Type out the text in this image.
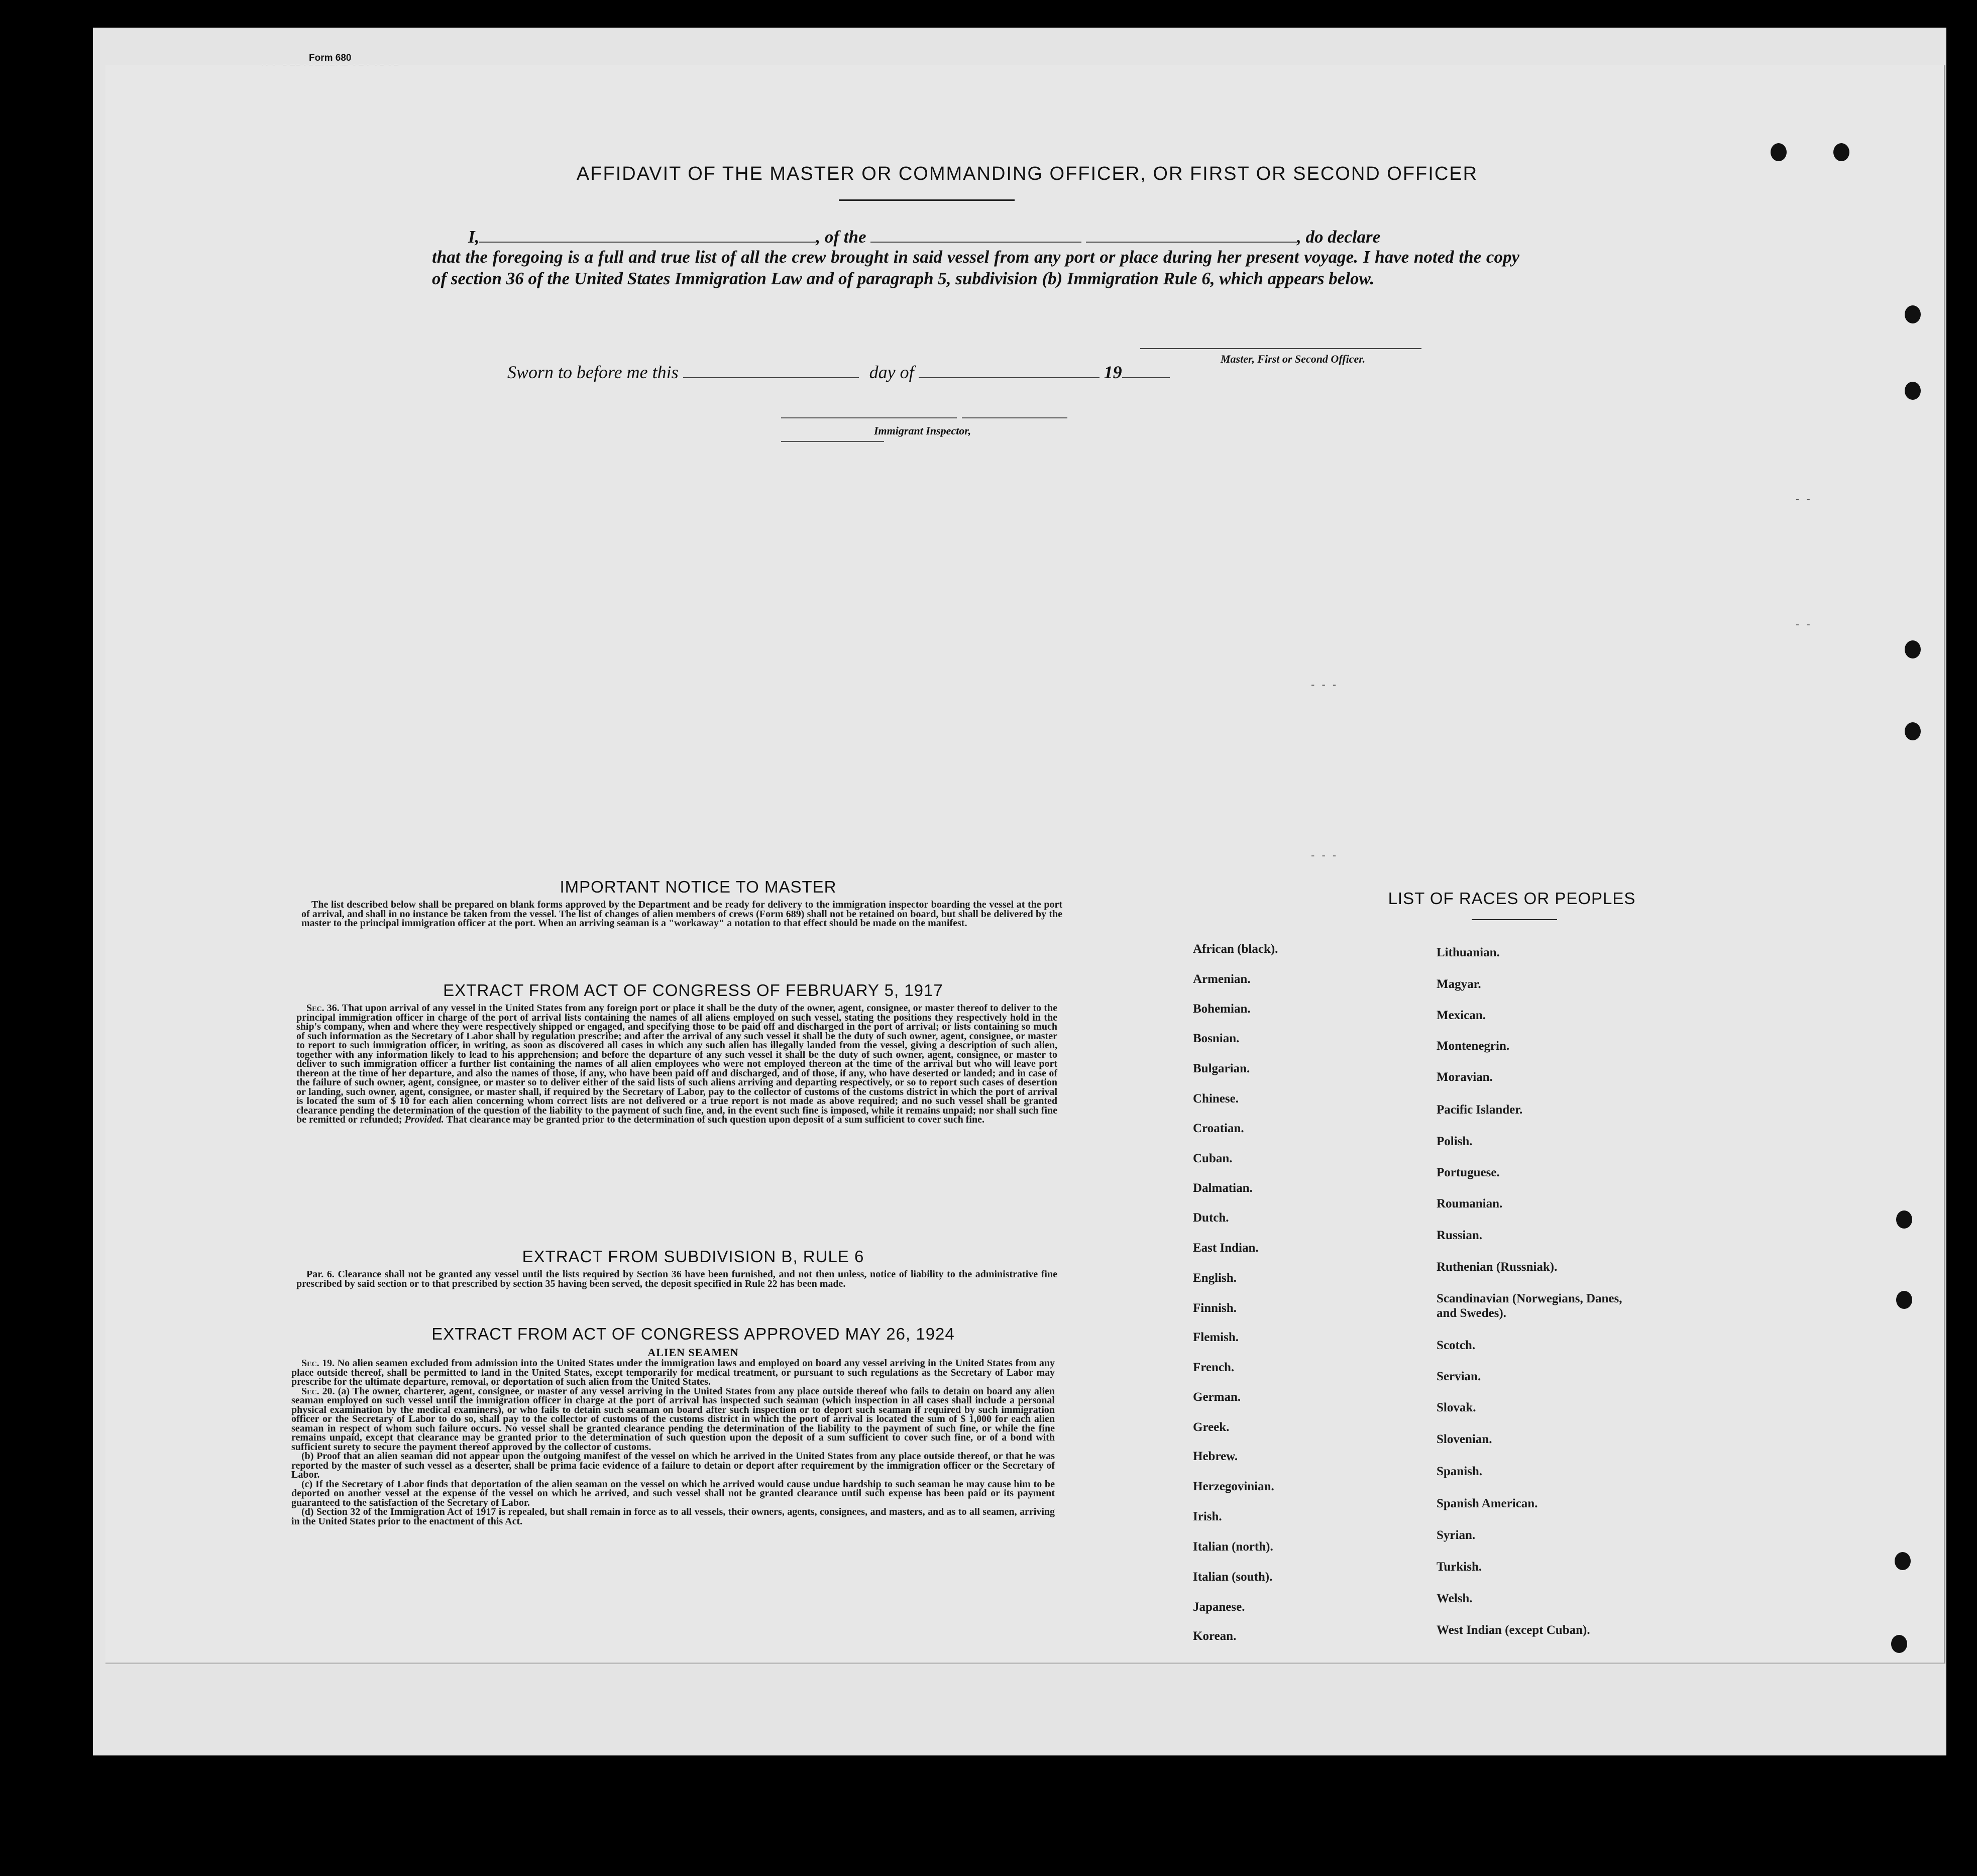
Form 680
AFFIDAVIT OF THE MASTER OR COMMANDING OFFICER, OR FIRST OR SECOND OFFICER
I,	, of the	, do declare
that the foregoing is a full and true list of all the crew brought in said vessel from any port or place during her present voyage. I have noted the copy of section 36 of the United States Immigration Law and of paragraph 5, subdivision (b) Immigration Rule 6, which appears below.
Master, First or Second Officer.
Sworn to before me this	day of	19

Immigrant Inspector,
IMPORTANT NOTICE TO MASTER

The list described below shall be prepared on blank forms approved by the Department and be ready for delivery to the immigration inspector boarding the vessel at the port of arrival, and shall in no instance be taken from the vessel. The list of changes of alien members of crews (Form 689) shall not be retained on board, but shall be delivered by the master to the principal immigration officer at the port. When an arriving seaman is a "workaway" a notation to that effect should be made on the manifest.

EXTRACT FROM ACT OF CONGRESS OF FEBRUARY 5, 1917

Sec. 36. That upon arrival of any vessel in the United States from any foreign port or place it shall be the duty of the owner, agent, consignee, or master thereof to deliver to the principal immigration officer in charge of the port of arrival lists containing the names of all aliens employed on such vessel, stating the positions they respectively hold in the ship's company, when and where they were respectively shipped or engaged, and specifying those to be paid off and discharged in the port of arrival; or lists containing so much of such information as the Secretary of Labor shall by regulation prescribe; and after the arrival of any such vessel it shall be the duty of such owner, agent, consignee, or master to report to such immigration officer, in writing, as soon as discovered all cases in which any such alien has illegally landed from the vessel, giving a description of such alien, together with any information likely to lead to his apprehension; and before the departure of any such vessel it shall be the duty of such owner, agent, consignee, or master to deliver to such immigration officer a further list containing the names of all alien employees who were not employed thereon at the time of the arrival but who will leave port thereon at the time of her departure, and also the names of those, if any, who have been paid off and discharged, and of those, if any, who have deserted or landed; and in case of the failure of such owner, agent, consignee, or master so to deliver either of the said lists of such aliens arriving and departing respectively, or so to report such cases of desertion or landing, such owner, agent, consignee, or master shall, if required by the Secretary of Labor, pay to the collector of customs of the customs district in which the port of arrival is located the sum of $ 10 for each alien concerning whom correct lists are not delivered or a true report is not made as above required; and no such vessel shall be granted clearance pending the determination of the question of the liability to the payment of such fine, and, in the event such fine is imposed, while it remains unpaid; nor shall such fine be remitted or refunded; Provided. That clearance may be granted prior to the determination of such question upon deposit of a sum sufficient to cover such fine.

EXTRACT FROM SUBDIVISION B, RULE 6

Par. 6. Clearance shall not be granted any vessel until the lists required by Section 36 have been furnished, and not then unless, notice of liability to the administrative fine prescribed by said section or to that prescribed by section 35 having been served, the deposit specified in Rule 22 has been made.

EXTRACT FROM ACT OF CONGRESS APPROVED MAY 26, 1924
ALIEN SEAMEN

Sec. 19. No alien seamen excluded from admission into the United States under the immigration laws and employed on board any vessel arriving in the United States from any place outside thereof, shall be permitted to land in the United States, except temporarily for medical treatment, or pursuant to such regulations as the Secretary of Labor may prescribe for the ultimate departure, removal, or deportation of such alien from the United States.

Sec. 20. (a) The owner, charterer, agent, consignee, or master of any vessel arriving in the United States from any place outside thereof who fails to detain on board any alien seaman employed on such vessel until the immigration officer in charge at the port of arrival has inspected such seaman (which inspection in all cases shall include a personal physical examination by the medical examiners), or who fails to detain such seaman on board after such inspection or to deport such seaman if required by such immigration officer or the Secretary of Labor to do so, shall pay to the collector of customs of the customs district in which the port of arrival is located the sum of $ 1,000 for each alien seaman in respect of whom such failure occurs. No vessel shall be granted clearance pending the determination of the liability to the payment of such fine, or while the fine remains unpaid, except that clearance may be granted prior to the determination of such question upon the deposit of a sum sufficient to cover such fine, or of a bond with sufficient surety to secure the payment thereof approved by the collector of customs.

(b) Proof that an alien seaman did not appear upon the outgoing manifest of the vessel on which he arrived in the United States from any place outside thereof, or that he was reported by the master of such vessel as a deserter, shall be prima facie evidence of a failure to detain or deport after requirement by the immigration officer or the Secretary of Labor.

(c) If the Secretary of Labor finds that deportation of the alien seaman on the vessel on which he arrived would cause undue hardship to such seaman he may cause him to be deported on another vessel at the expense of the vessel on which he arrived, and such vessel shall not be granted clearance until such expense has been paid or its payment guaranteed to the satisfaction of the Secretary of Labor.

(d) Section 32 of the Immigration Act of 1917 is repealed, but shall remain in force as to all vessels, their owners, agents, consignees, and masters, and as to all seamen, arriving in the United States prior to the enactment of this Act.

LIST OF RACES OR PEOPLES
- -
- -
- - -
- - -
African (black).
Armenian.
Bohemian.
Bosnian.
Bulgarian.
Chinese.
Croatian.
Cuban.
Dalmatian.
Dutch.
East Indian.
English.
Finnish.
Flemish.
French.
German.
Greek.
Hebrew.
Herzegovinian.
Irish.
Italian (north).
Italian (south).
Japanese.
Korean.
Lithuanian.
Magyar.
Mexican.
Montenegrin.
Moravian.
Pacific Islander.
Polish.
Portuguese.
Roumanian.
Russian.
Ruthenian (Russniak).
Scandinavian (Norwegians, Danes, and Swedes).
Scotch.
Servian.
Slovak.
Slovenian.
Spanish.
Spanish American.
Syrian.
Turkish.
Welsh.
West Indian (except Cuban).
